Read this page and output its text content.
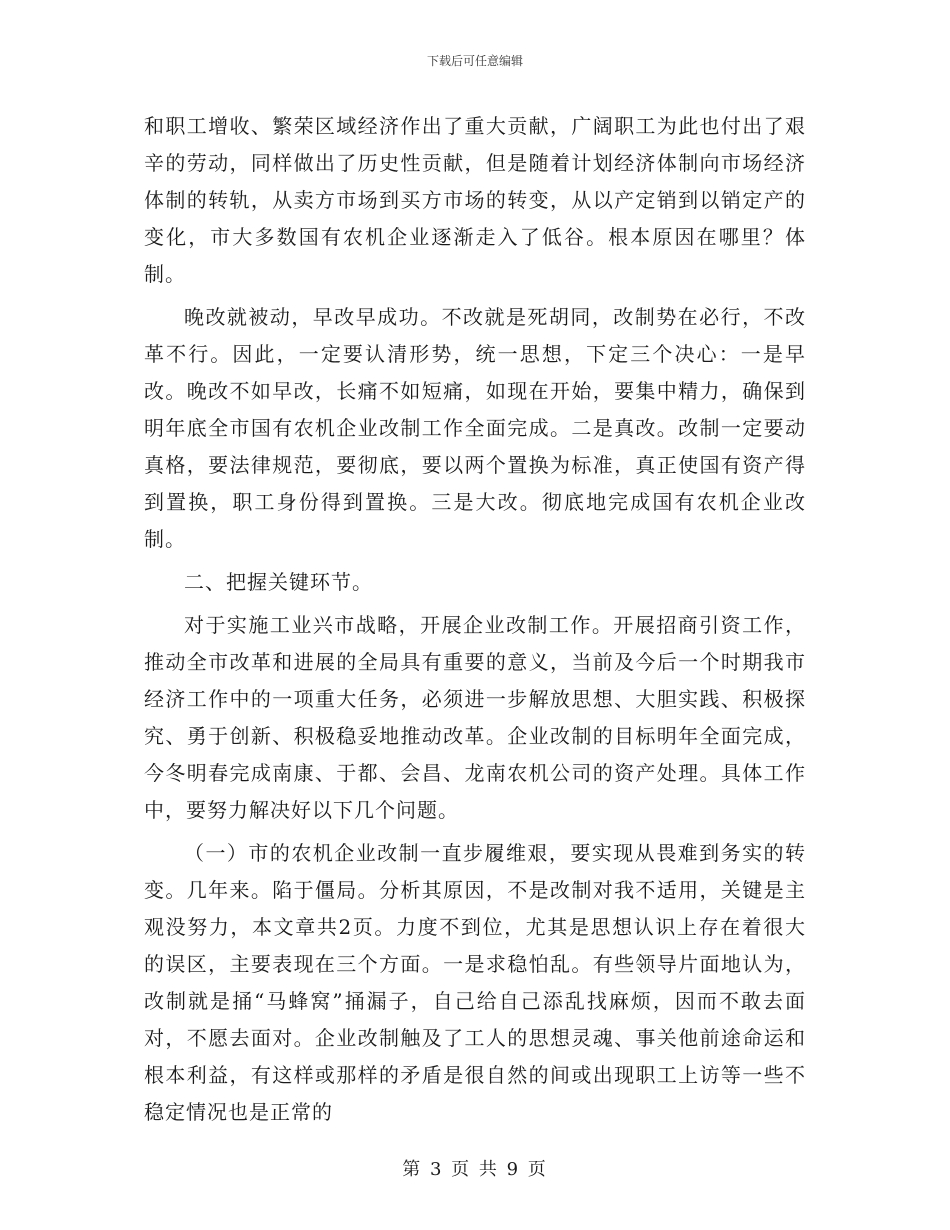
下载后可任意编辑

和职工增收、繁荣区域经济作出了重大贡献，广阔职工为此也付出了艰辛的劳动，同样做出了历史性贡献，但是随着计划经济体制向市场经济体制的转轨，从卖方市场到买方市场的转变，从以产定销到以销定产的变化，市大多数国有农机企业逐渐走入了低谷。根本原因在哪里？体制。

晚改就被动，早改早成功。不改就是死胡同，改制势在必行，不改革不行。因此，一定要认清形势，统一思想，下定三个决心：一是早改。晚改不如早改，长痛不如短痛，如现在开始，要集中精力，确保到明年底全市国有农机企业改制工作全面完成。二是真改。改制一定要动真格，要法律规范，要彻底，要以两个置换为标准，真正使国有资产得到置换，职工身份得到置换。三是大改。彻底地完成国有农机企业改制。

二、把握关键环节。

对于实施工业兴市战略，开展企业改制工作。开展招商引资工作，推动全市改革和进展的全局具有重要的意义，当前及今后一个时期我市经济工作中的一项重大任务，必须进一步解放思想、大胆实践、积极探究、勇于创新、积极稳妥地推动改革。企业改制的目标明年全面完成，今冬明春完成南康、于都、会昌、龙南农机公司的资产处理。具体工作中，要努力解决好以下几个问题。

（一）市的农机企业改制一直步履维艰，要实现从畏难到务实的转变。几年来。陷于僵局。分析其原因，不是改制对我不适用，关键是主观没努力，本文章共2页。力度不到位，尤其是思想认识上存在着很大的误区，主要表现在三个方面。一是求稳怕乱。有些领导片面地认为，改制就是捅“马蜂窝”捅漏子，自己给自己添乱找麻烦，因而不敢去面对，不愿去面对。企业改制触及了工人的思想灵魂、事关他前途命运和根本利益，有这样或那样的矛盾是很自然的间或出现职工上访等一些不稳定情况也是正常的

第 3 页 共 9 页
